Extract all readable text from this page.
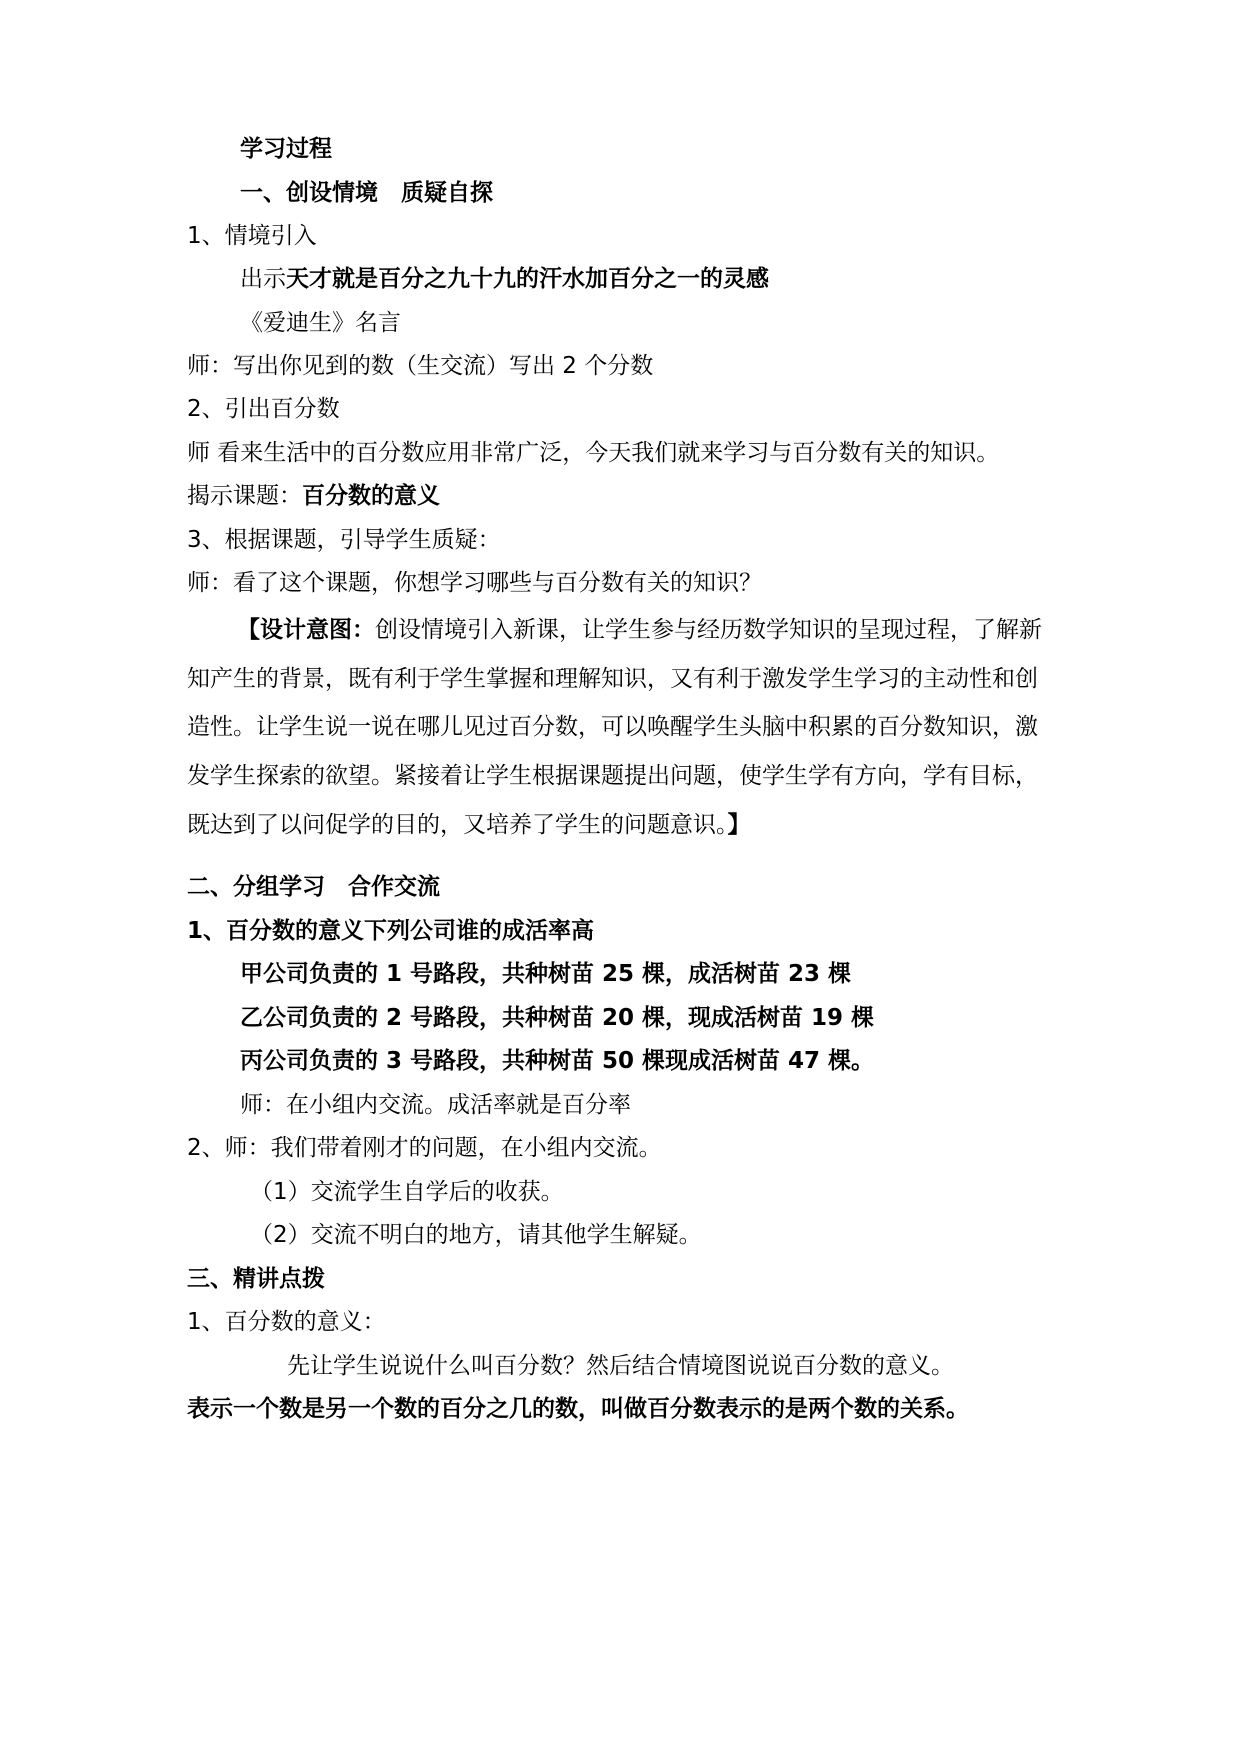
学习过程
一、创设情境　质疑自探
1、情境引入
出示天才就是百分之九十九的汗水加百分之一的灵感
《爱迪生》名言
师：写出你见到的数（生交流）写出 2 个分数
2、引出百分数
师 看来生活中的百分数应用非常广泛，今天我们就来学习与百分数有关的知识。
揭示课题：百分数的意义
3、根据课题，引导学生质疑：
师：看了这个课题，你想学习哪些与百分数有关的知识？
【设计意图：创设情境引入新课，让学生参与经历数学知识的呈现过程，了解新知产生的背景，既有利于学生掌握和理解知识，又有利于激发学生学习的主动性和创造性。让学生说一说在哪儿见过百分数，可以唤醒学生头脑中积累的百分数知识，激发学生探索的欲望。紧接着让学生根据课题提出问题，使学生学有方向，学有目标，既达到了以问促学的目的，又培养了学生的问题意识。】
二、分组学习　合作交流
1、百分数的意义下列公司谁的成活率高
甲公司负责的 1 号路段，共种树苗 25 棵，成活树苗 23 棵
乙公司负责的 2 号路段，共种树苗 20 棵，现成活树苗 19 棵
丙公司负责的 3 号路段，共种树苗 50 棵现成活树苗 47 棵。
师：在小组内交流。成活率就是百分率
2、师：我们带着刚才的问题，在小组内交流。
（1）交流学生自学后的收获。
（2）交流不明白的地方，请其他学生解疑。
三、精讲点拨
1、百分数的意义：
先让学生说说什么叫百分数？然后结合情境图说说百分数的意义。
表示一个数是另一个数的百分之几的数，叫做百分数表示的是两个数的关系。
